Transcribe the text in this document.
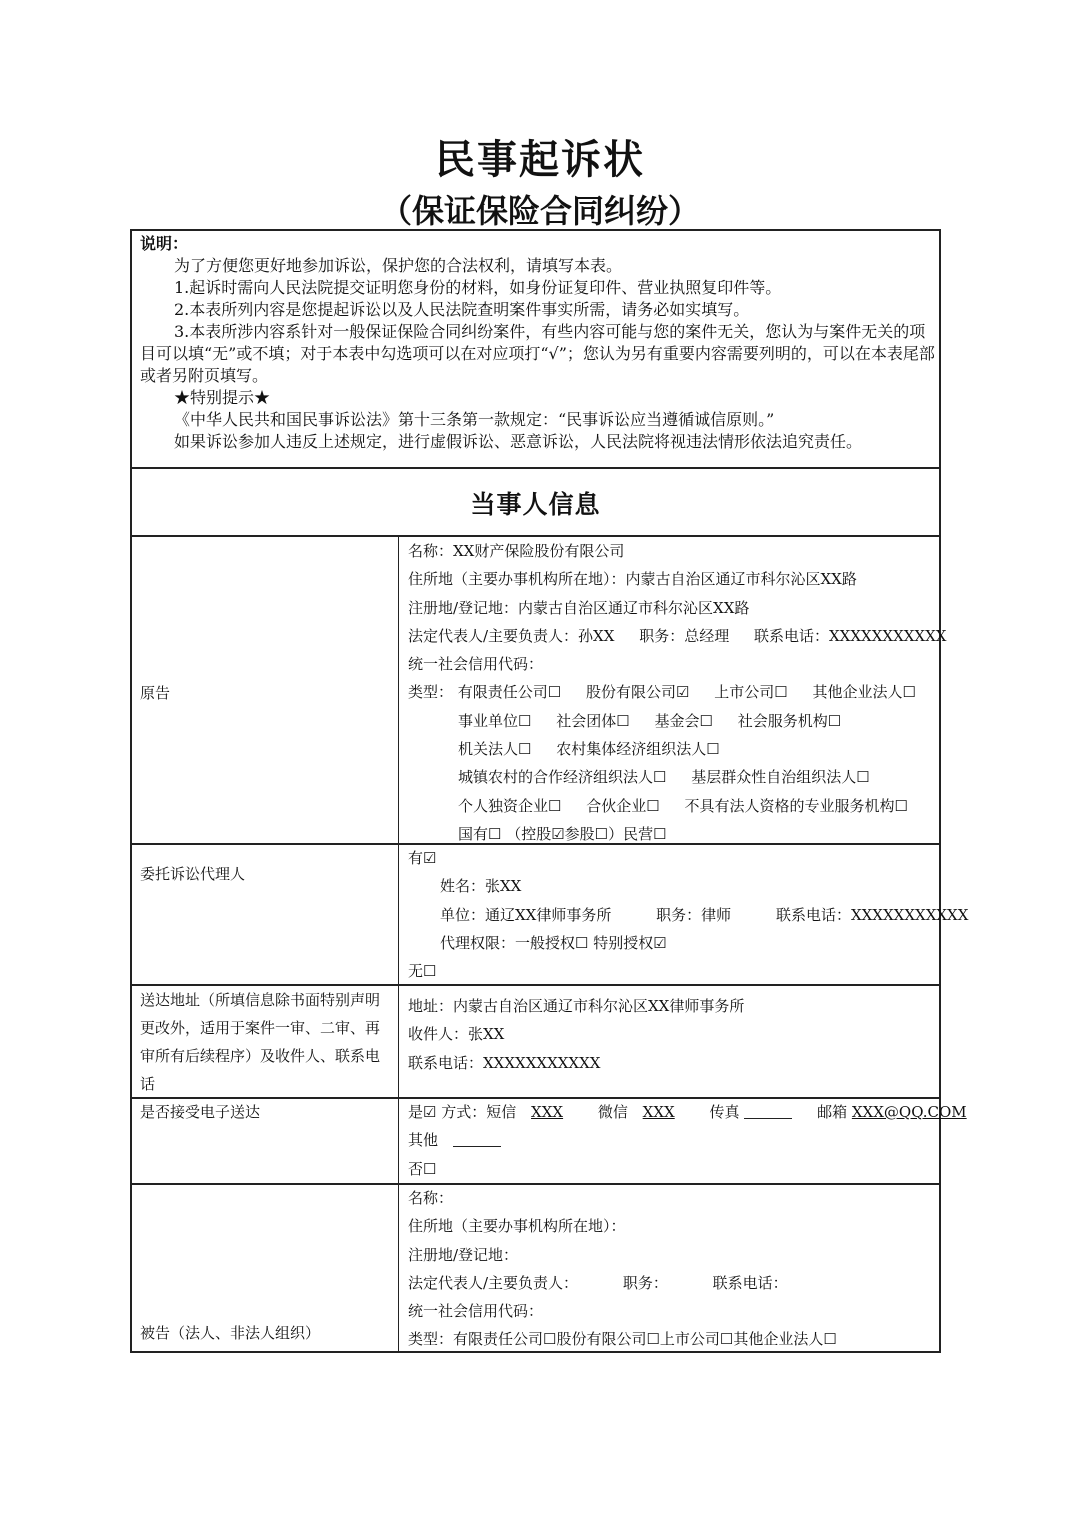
民事起诉状
（保证保险合同纠纷）
说明：
为了方便您更好地参加诉讼，保护您的合法权利，请填写本表。
1.起诉时需向人民法院提交证明您身份的材料，如身份证复印件、营业执照复印件等。
2.本表所列内容是您提起诉讼以及人民法院查明案件事实所需，请务必如实填写。
3.本表所涉内容系针对一般保证保险合同纠纷案件，有些内容可能与您的案件无关，您认为与案件无关的项目可以填“无”或不填；对于本表中勾选项可以在对应项打“√”；您认为另有重要内容需要列明的，可以在本表尾部或者另附页填写。
★特别提示★
《中华人民共和国民事诉讼法》第十三条第一款规定：“民事诉讼应当遵循诚信原则。”
如果诉讼参加人违反上述规定，进行虚假诉讼、恶意诉讼，人民法院将视违法情形依法追究责任。
当事人信息
原告
名称：XX财产保险股份有限公司
住所地（主要办事机构所在地）：内蒙古自治区通辽市科尔沁区XX路
注册地/登记地：内蒙古自治区通辽市科尔沁区XX路
法定代表人/主要负责人：孙XX 职务：总经理 联系电话：XXXXXXXXXXX
统一社会信用代码：
类型： 有限责任公司☐ 股份有限公司☑ 上市公司☐ 其他企业法人☐
事业单位☐ 社会团体☐ 基金会☐ 社会服务机构☐
机关法人☐ 农村集体经济组织法人☐
城镇农村的合作经济组织法人☐ 基层群众性自治组织法人☐
个人独资企业☐ 合伙企业☐ 不具有法人资格的专业服务机构☐
国有☐ （控股☑参股☐）民营☐
委托诉讼代理人
有☑
姓名：张XX
单位：通辽XX律师事务所	职务：律师	联系电话：XXXXXXXXXXX
代理权限：一般授权☐ 特别授权☑
无☐
送达地址（所填信息除书面特别声明更改外，适用于案件一审、二审、再审所有后续程序）及收件人、联系电话
地址：内蒙古自治区通辽市科尔沁区XX律师事务所
收件人：张XX
联系电话：XXXXXXXXXXX
是否接受电子送达	是☑ 方式：短信 XXX 微信 XXX 传真	邮箱 XXX@QQ.COM
其他
否☐
被告（法人、非法人组织）
名称：
住所地（主要办事机构所在地）：
注册地/登记地：
法定代表人/主要负责人：	职务：	联系电话：
统一社会信用代码：
类型：有限责任公司☐股份有限公司☐上市公司☐其他企业法人☐
